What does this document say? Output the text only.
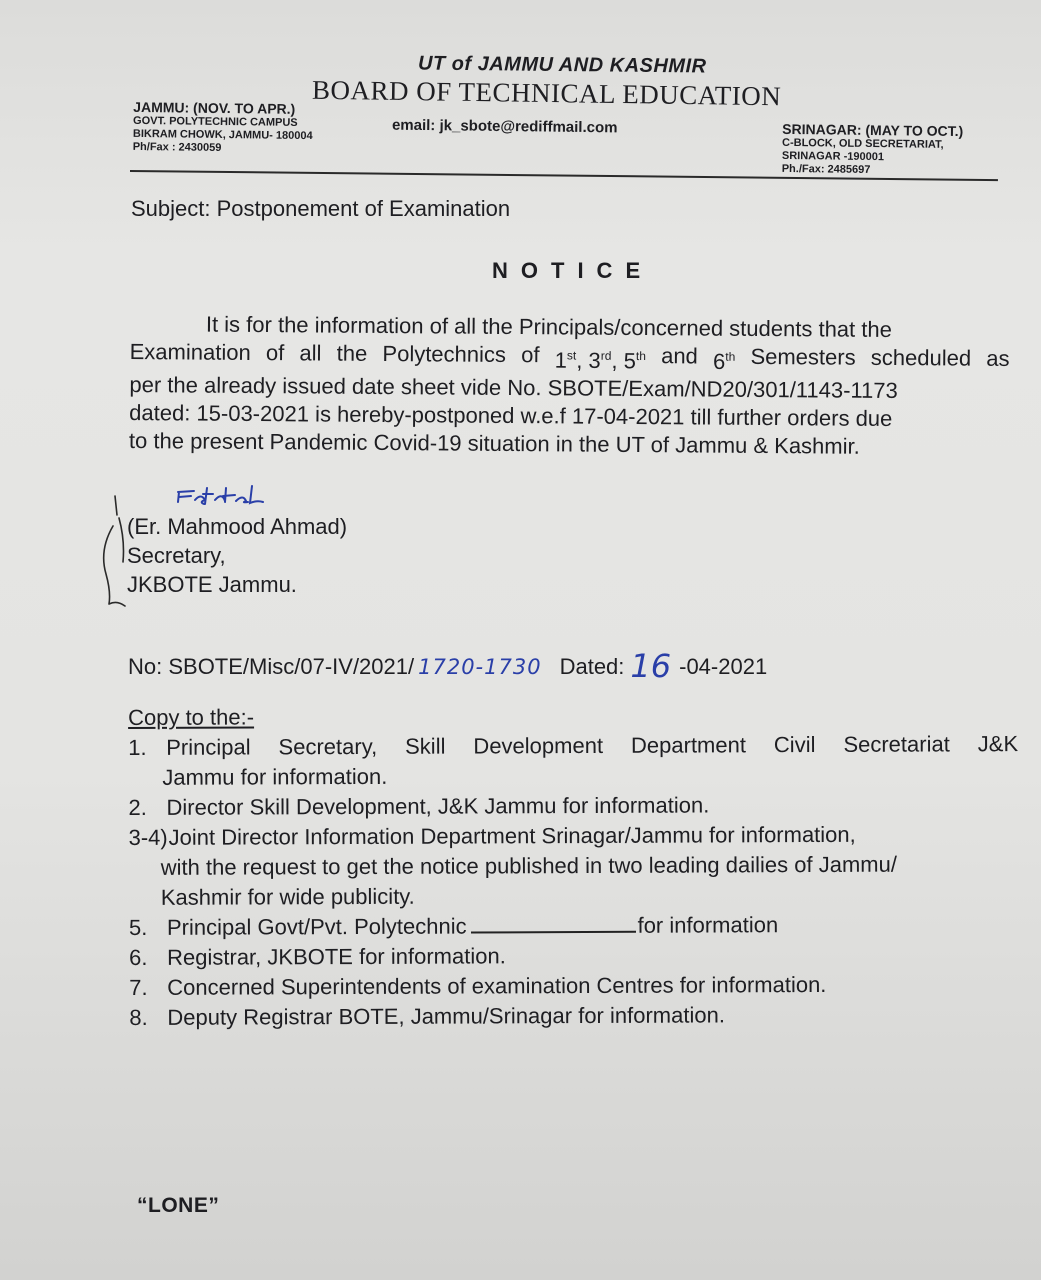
UT of JAMMU AND KASHMIR
BOARD OF TECHNICAL EDUCATION
JAMMU: (NOV. TO APR.)
GOVT. POLYTECHNIC CAMPUS
BIKRAM CHOWK, JAMMU- 180004
Ph/Fax : 2430059
email: jk_sbote@rediffmail.com	SRINAGAR: (MAY TO OCT.)
C-BLOCK, OLD SECRETARIAT,
SRINAGAR -190001
Ph./Fax: 2485697
Subject: Postponement of Examination
NOTICE
It is for the information of all the Principals/concerned students that the
Examination of all the Polytechnics of 1st, 3rd, 5th and 6th Semesters scheduled as
per the already issued date sheet vide No. SBOTE/Exam/ND20/301/1143-1173
dated: 15-03-2021 is hereby-postponed w.e.f 17-04-2021 till further orders due
to the present Pandemic Covid-19 situation in the UT of Jammu & Kashmir.
(Er. Mahmood Ahmad)
Secretary,
JKBOTE Jammu.
No: SBOTE/Misc/07-IV/2021/ 1720-1730 Dated: 16 -04-2021
Copy to the:-
1. Principal Secretary, Skill Development Department Civil Secretariat J&K
Jammu for information.
2. Director Skill Development, J&K Jammu for information.
3-4) Joint Director Information Department Srinagar/Jammu for information,
with the request to get the notice published in two leading dailies of Jammu/
Kashmir for wide publicity.
5. Principal Govt/Pvt. Polytechnic	for information
6. Registrar, JKBOTE for information.
7. Concerned Superintendents of examination Centres for information.
8. Deputy Registrar BOTE, Jammu/Srinagar for information.
“LONE”
